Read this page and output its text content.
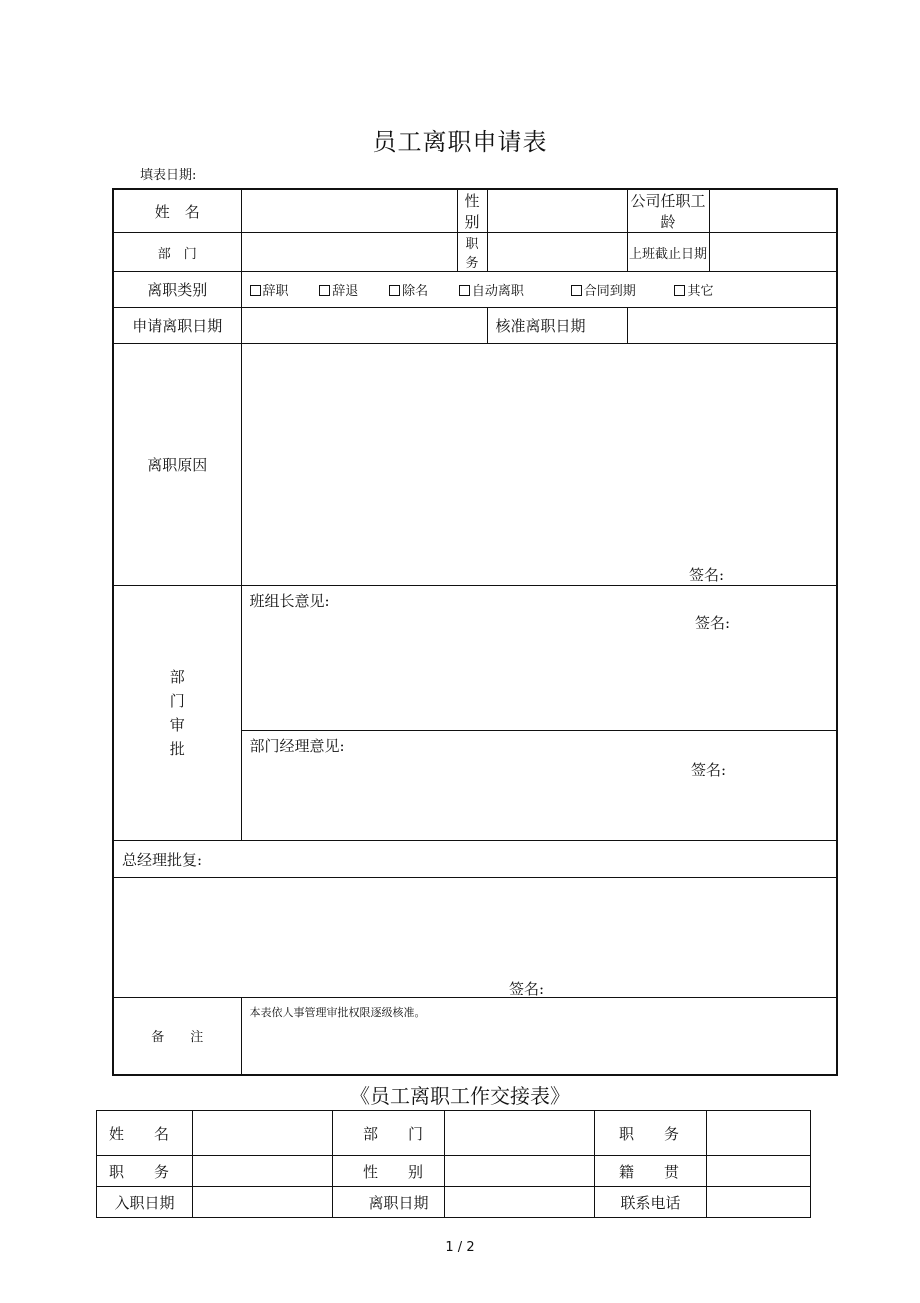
员工离职申请表
填表日期:
姓　名		性　别		公司任职工龄	
部　门		职　务		上班截止日期	
离职类别	辞职 辞退 除名 自动离职 合同到期 其它				
申请离职日期			核准离职日期		
离职原因	签名:				

部
门
审
批	班组长意见:
签名:				

	部门经理意见:
签名:				

总经理批复:					

签名:					

备　　注	本表依人事管理审批权限逐级核准。				
《员工离职工作交接表》
姓　　名		部　　门		职　　务	

职　　务		性　　别		籍　　贯	

入职日期		离职日期		联系电话	
1 / 2
